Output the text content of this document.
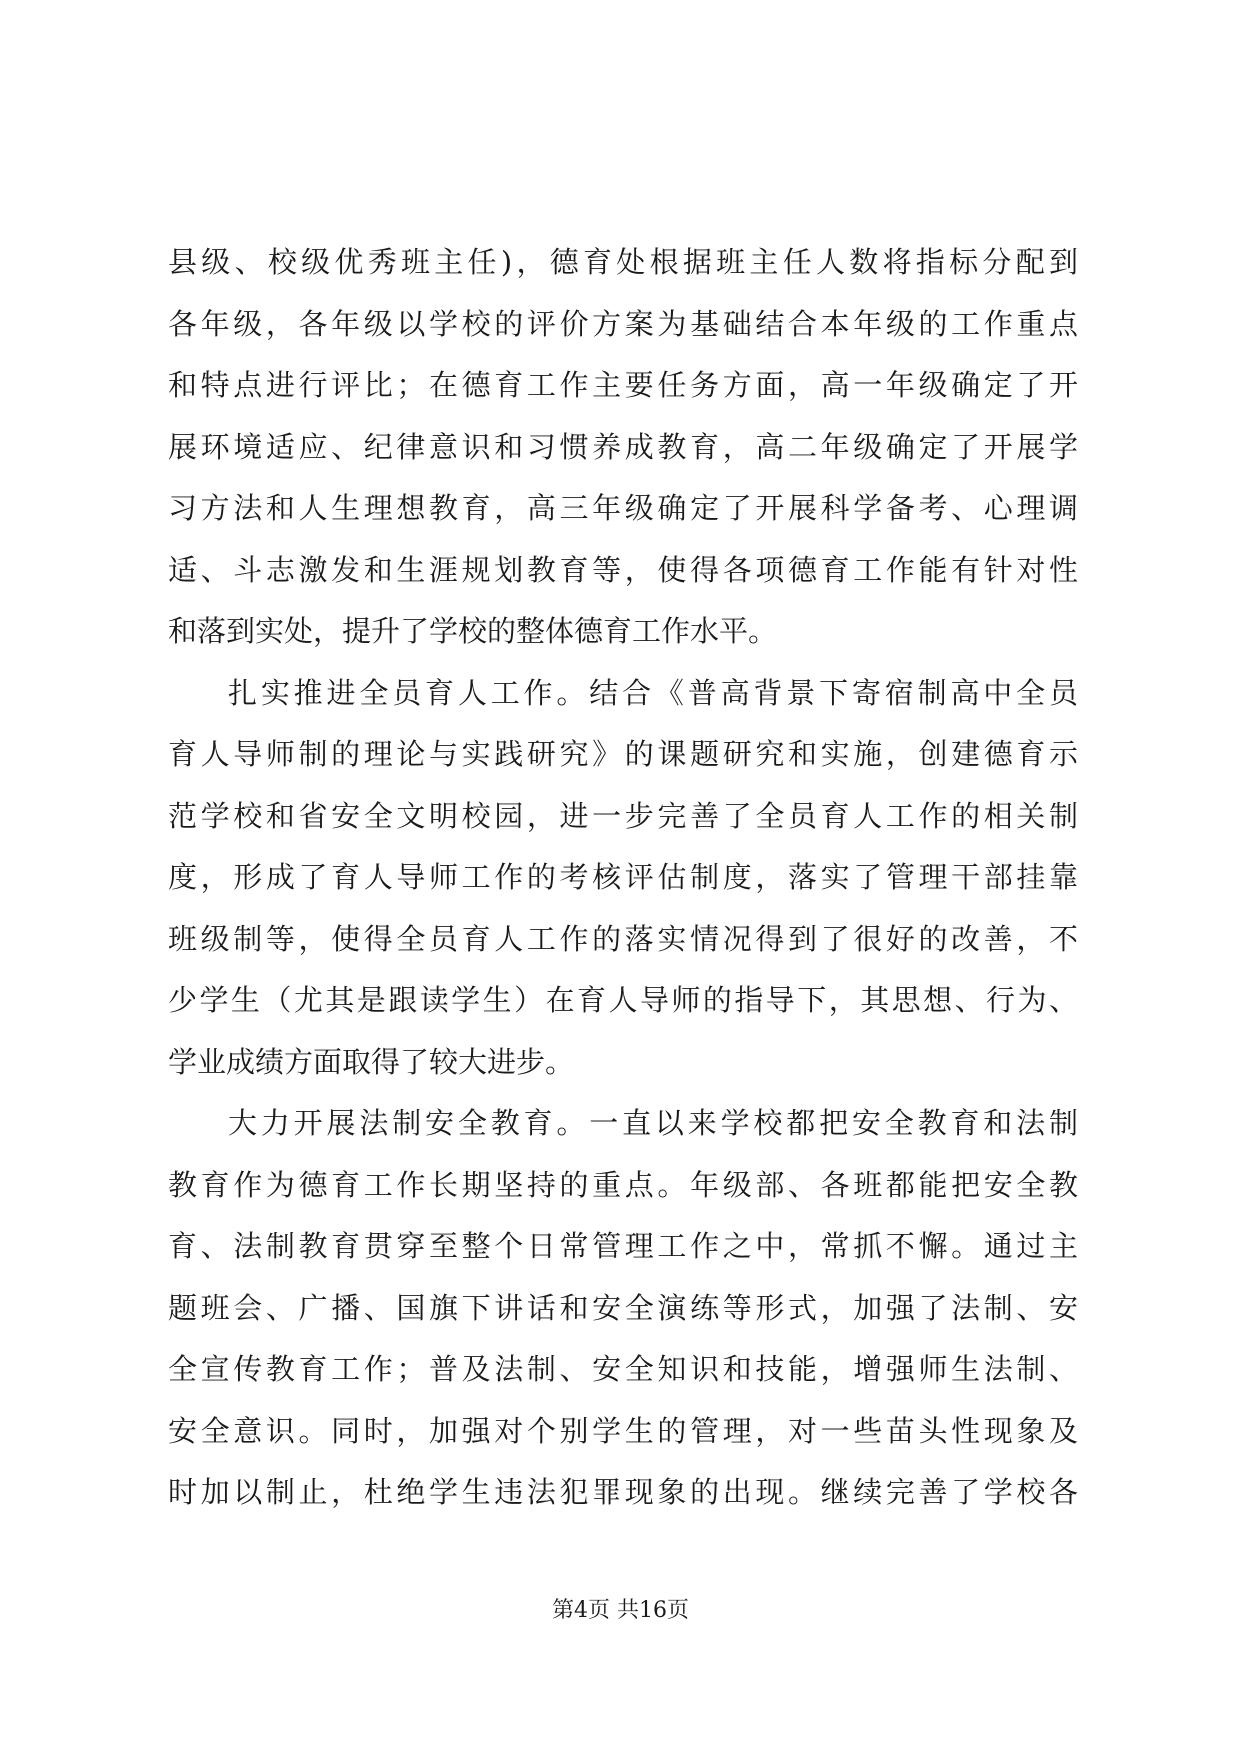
县级、校级优秀班主任)，德育处根据班主任人数将指标分配到
各年级，各年级以学校的评价方案为基础结合本年级的工作重点
和特点进行评比；在德育工作主要任务方面，高一年级确定了开
展环境适应、纪律意识和习惯养成教育，高二年级确定了开展学
习方法和人生理想教育，高三年级确定了开展科学备考、心理调
适、斗志激发和生涯规划教育等，使得各项德育工作能有针对性
和落到实处，提升了学校的整体德育工作水平。
扎实推进全员育人工作。结合《普高背景下寄宿制高中全员
育人导师制的理论与实践研究》的课题研究和实施，创建德育示
范学校和省安全文明校园，进一步完善了全员育人工作的相关制
度，形成了育人导师工作的考核评估制度，落实了管理干部挂靠
班级制等，使得全员育人工作的落实情况得到了很好的改善，不
少学生（尤其是跟读学生）在育人导师的指导下，其思想、行为、
学业成绩方面取得了较大进步。
大力开展法制安全教育。一直以来学校都把安全教育和法制
教育作为德育工作长期坚持的重点。年级部、各班都能把安全教
育、法制教育贯穿至整个日常管理工作之中，常抓不懈。通过主
题班会、广播、国旗下讲话和安全演练等形式，加强了法制、安
全宣传教育工作；普及法制、安全知识和技能，增强师生法制、
安全意识。同时，加强对个别学生的管理，对一些苗头性现象及
时加以制止，杜绝学生违法犯罪现象的出现。继续完善了学校各
第4页 共16页
